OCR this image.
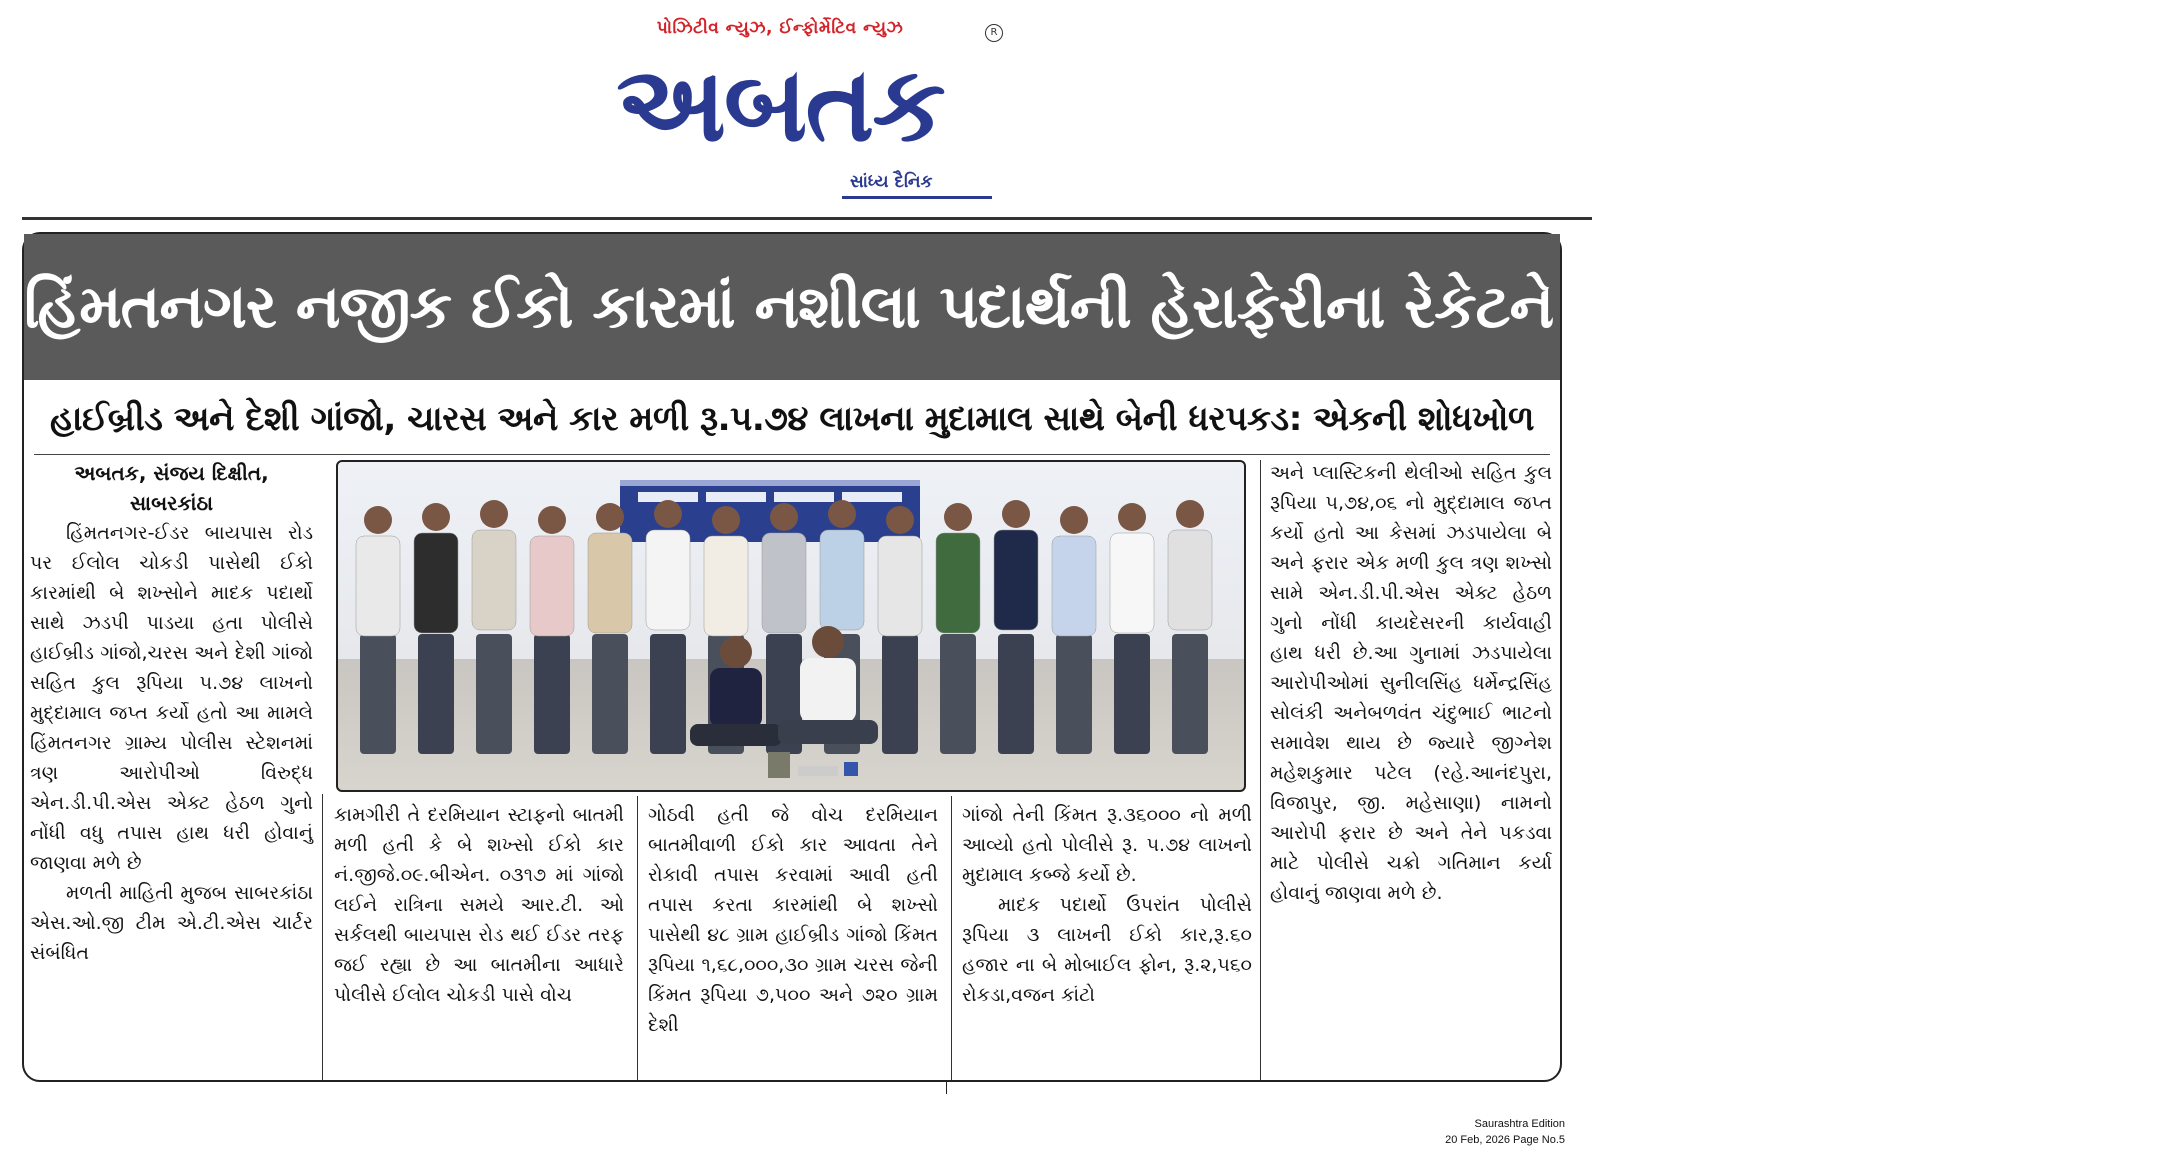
પોઝિટીવ ન્યુઝ, ઈન્ફોર્મેટિવ ન્યુઝ
અબતક
R
સાંધ્ય દૈનિક
હિંમતનગર નજીક ઈકો કારમાં નશીલા પદાર્થની હેરાફેરીના રેકેટને ઝડપી લેતી એસ.ઓ.જી.
હાઈબ્રીડ અને દેશી ગાંજો, ચારસ અને કાર મળી રૂ.૫.૭૪ લાખના મુદામાલ સાથે બેની ધરપકડ: એકની શોધખોળ
અબતક, સંજય દિક્ષીત, સાબરકાંઠા

હિંમતનગર-ઈડર બાયપાસ રોડ પર ઈલોલ ચોકડી પાસેથી ઈકો કારમાંથી બે શખ્સોને માદક પદાર્થો સાથે ઝડપી પાડયા હતા પોલીસે હાઈબ્રીડ ગાંજો,ચરસ અને દેશી ગાંજો સહિત કુલ રૂપિયા ૫.૭૪ લાખનો મુદ્દામાલ જપ્ત કર્યો હતો આ મામલે હિંમતનગર ગ્રામ્ય પોલીસ સ્ટેશનમાં ત્રણ આરોપીઓ વિરુદ્ધ એન.ડી.પી.એસ એક્ટ હેઠળ ગુનો નોંધી વધુ તપાસ હાથ ધરી હોવાનું જાણવા મળે છે

મળતી માહિતી મુજબ સાબરકાંઠા એસ.ઓ.જી ટીમ એ.ટી.એસ ચાર્ટર સંબંધિત

કામગીરી તે દરમિયાન સ્ટાફનો બાતમી મળી હતી કે બે શખ્સો ઈકો કાર નં.જીજે.૦૯.બીએન. ૦૩૧૭ માં ગાંજો લઈને રાત્રિના સમયે આર.ટી. ઓ સર્કલથી બાયપાસ રોડ થઈ ઈડર તરફ જઈ રહ્યા છે આ બાતમીના આધારે પોલીસે ઈલોલ ચોકડી પાસે વોચ
ગોઠવી હતી જે વોચ દરમિયાન બાતમીવાળી ઈકો કાર આવતા તેને રોકાવી તપાસ કરવામાં આવી હતી તપાસ કરતા કારમાંથી બે શખ્સો પાસેથી ૪૮ ગ્રામ હાઈબ્રીડ ગાંજો કિંમત રૂપિયા ૧,૬૮,૦૦૦,૩૦ ગ્રામ ચરસ જેની કિંમત રૂપિયા ૭,૫૦૦ અને ૭૨૦ ગ્રામ દેશી

ગાંજો તેની કિંમત રૂ.૩૬૦૦૦ નો મળી આવ્યો હતો પોલીસે રૂ. ૫.૭૪ લાખનો મુદામાલ કબ્જે કર્યો છે.

માદક પદાર્થો ઉપરાંત પોલીસે રૂપિયા ૩ લાખની ઈકો કાર,રૂ.૬૦ હજાર ના બે મોબાઈલ ફોન, રૂ.૨,૫૬૦ રોકડા,વજન કાંટો

અને પ્લાસ્ટિકની થેલીઓ સહિત કુલ રૂપિયા ૫,૭૪,૦૬ નો મુદ્દામાલ જપ્ત કર્યો હતો આ કેસમાં ઝડપાયેલા બે અને ફરાર એક મળી કુલ ત્રણ શખ્સો સામે એન.ડી.પી.એસ એક્ટ હેઠળ ગુનો નોંધી કાયદેસરની કાર્યવાહી હાથ ધરી છે.આ ગુનામાં ઝડપાયેલા આરોપીઓમાં સુનીલસિંહ ધર્મેન્દ્રસિંહ સોલંકી અનેબળવંત ચંદુભાઈ ભાટનો સમાવેશ થાય છે જ્યારે જીગ્નેશ મહેશકુમાર પટેલ (રહે.આનંદપુરા, વિજાપુર, જી. મહેસાણા) નામનો આરોપી ફરાર છે અને તેને પકડવા માટે પોલીસે ચક્રો ગતિમાન કર્યા હોવાનું જાણવા મળે છે.
Saurashtra Edition
20 Feb, 2026 Page No.5
